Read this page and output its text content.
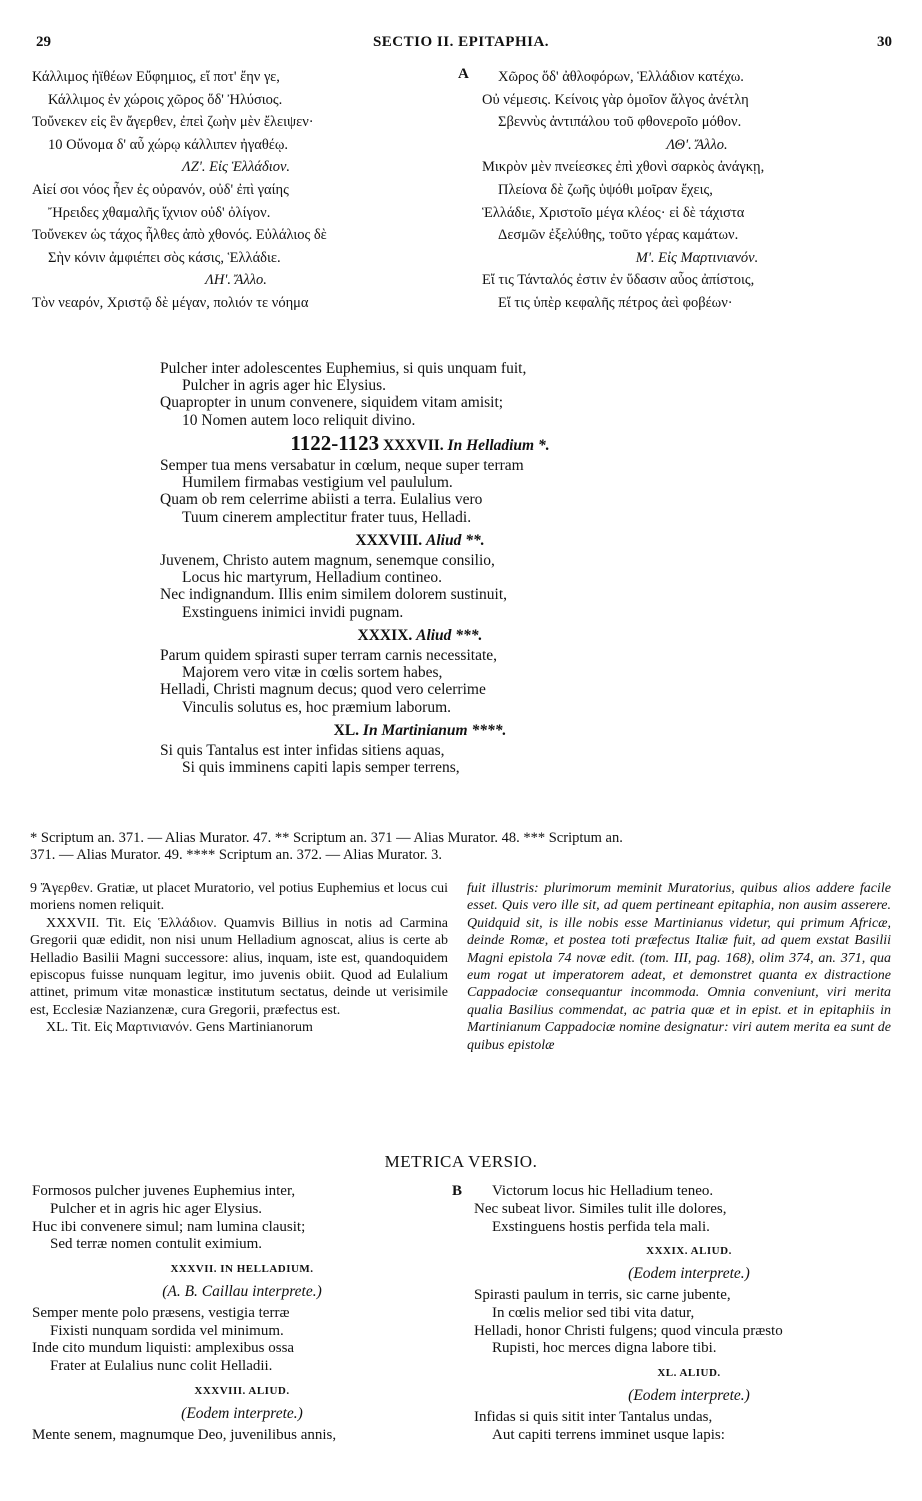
29	SECTIO II. EPITAPHIA.	30
Κάλλιμος ἠϊθέων Εὔφημιος, εἴ ποτ' ἔην γε,
Κάλλιμος ἐν χώροις χῶρος ὅδ' Ἠλύσιος.
Τοὔνεκεν εἰς ἓν ἄγερθεν, ἐπεὶ ζωὴν μὲν ἔλειψεν·
10 Οὔνομα δ' αὖ χώρῳ κάλλιπεν ἠγαθέῳ.
ΛΖ'. Εἰς Ἑλλάδιον.
Αἰεί σοι νόος ἦεν ἐς οὐρανόν, οὐδ' ἐπὶ γαίης
Ἤρειδες χθαμαλῆς ἴχνιον οὐδ' ὀλίγον.
Τοὔνεκεν ὡς τάχος ἦλθες ἀπὸ χθονός. Εὐλάλιος δὲ
Σὴν κόνιν ἀμφιέπει σὸς κάσις, Ἑλλάδιε.
ΛΗ'. Ἄλλο.
Τὸν νεαρόν, Χριστῷ δὲ μέγαν, πολιόν τε νόημα
A	Χῶρος ὅδ' ἀθλοφόρων, Ἑλλάδιον κατέχω.
Οὐ νέμεσις. Κείνοις γὰρ ὁμοῖον ἄλγος ἀνέτλη
Σβεννὺς ἀντιπάλου τοῦ φθονεροῖο μόθον.
ΛΘ'. Ἄλλο.
Μικρὸν μὲν πνείεσκες ἐπὶ χθονὶ σαρκὸς ἀνάγκῃ,
Πλείονα δὲ ζωῆς ὑψόθι μοῖραν ἔχεις,
Ἑλλάδιε, Χριστοῖο μέγα κλέος· εἰ δὲ τάχιστα
Δεσμῶν ἐξελύθης, τοῦτο γέρας καμάτων.
Μ'. Εἰς Μαρτινιανόν.
Εἴ τις Τάνταλός ἐστιν ἐν ὕδασιν αὖος ἀπίστοις,
Εἴ τις ὑπὲρ κεφαλῆς πέτρος ἀεὶ φοβέων·
Pulcher inter adolescentes Euphemius, si quis unquam fuit,
Pulcher in agris ager hic Elysius.
Quapropter in unum convenere, siquidem vitam amisit;
10 Nomen autem loco reliquit divino.
1122-1123 XXXVII. In Helladium *.
Semper tua mens versabatur in cœlum, neque super terram
Humilem firmabas vestigium vel paululum.
Quam ob rem celerrime abiisti a terra. Eulalius vero
Tuum cinerem amplectitur frater tuus, Helladi.
XXXVIII. Aliud **.
Juvenem, Christo autem magnum, senemque consilio,
Locus hic martyrum, Helladium contineo.
Nec indignandum. Illis enim similem dolorem sustinuit,
Exstinguens inimici invidi pugnam.
XXXIX. Aliud ***.
Parum quidem spirasti super terram carnis necessitate,
Majorem vero vitæ in cœlis sortem habes,
Helladi, Christi magnum decus; quod vero celerrime
Vinculis solutus es, hoc præmium laborum.
XL. In Martinianum ****.
Si quis Tantalus est inter infidas sitiens aquas,
Si quis imminens capiti lapis semper terrens,
* Scriptum an. 371. — Alias Murator. 47. ** Scriptum an. 371 — Alias Murator. 48. *** Scriptum an.
371. — Alias Murator. 49. **** Scriptum an. 372. — Alias Murator. 3.

9 Ἄγερθεν. Gratiæ, ut placet Muratorio, vel potius Euphemius et locus cui moriens nomen reliquit.

XXXVII. Tit. Εἰς Ἑλλάδιον. Quamvis Billius in notis ad Carmina Gregorii quæ edidit, non nisi unum Helladium agnoscat, alius is certe ab Helladio Basilii Magni successore: alius, inquam, iste est, quandoquidem episcopus fuisse nunquam legitur, imo juvenis obiit. Quod ad Eulalium attinet, primum vitæ monasticæ institutum sectatus, deinde ut verisimile est, Ecclesiæ Nazianzenæ, cura Gregorii, præfectus est.

XL. Tit. Εἰς Μαρτινιανόν. Gens Martinianorum

fuit illustris: plurimorum meminit Muratorius, quibus alios addere facile esset. Quis vero ille sit, ad quem pertineant epitaphia, non ausim asserere. Quidquid sit, is ille nobis esse Martinianus videtur, qui primum Africæ, deinde Romæ, et postea toti præfectus Italiæ fuit, ad quem exstat Basilii Magni epistola 74 novæ edit. (tom. III, pag. 168), olim 374, an. 371, qua eum rogat ut imperatorem adeat, et demonstret quanta ex distractione Cappadociæ consequantur incommoda. Omnia conveniunt, viri merita qualia Basilius commendat, ac patria quæ et in epist. et in epitaphiis in Martinianum Cappadociæ nomine designatur: viri autem merita ea sunt de quibus epistolæ

METRICA VERSIO.
Formosos pulcher juvenes Euphemius inter,
Pulcher et in agris hic ager Elysius.
Huc ibi convenere simul; nam lumina clausit;
Sed terræ nomen contulit eximium.
XXXVII. IN HELLADIUM.
(A. B. Caillau interprete.)
Semper mente polo præsens, vestigia terræ
Fixisti nunquam sordida vel minimum.
Inde cito mundum liquisti: amplexibus ossa
Frater at Eulalius nunc colit Helladii.
XXXVIII. ALIUD.
(Eodem interprete.)
Mente senem, magnumque Deo, juvenilibus annis,
B	Victorum locus hic Helladium teneo.
Nec subeat livor. Similes tulit ille dolores,
Exstinguens hostis perfida tela mali.
XXXIX. ALIUD.
(Eodem interprete.)
Spirasti paulum in terris, sic carne jubente,
In cœlis melior sed tibi vita datur,
Helladi, honor Christi fulgens; quod vincula præsto
Rupisti, hoc merces digna labore tibi.
XL. ALIUD.
(Eodem interprete.)
Infidas si quis sitit inter Tantalus undas,
Aut capiti terrens imminet usque lapis:
